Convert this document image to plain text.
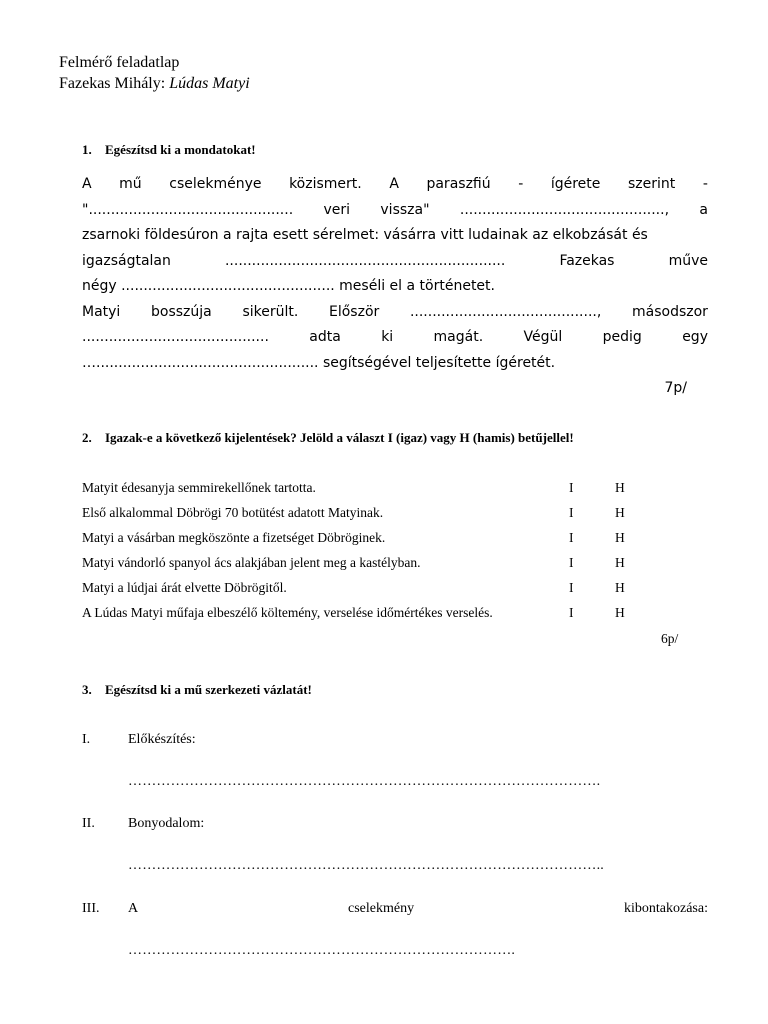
Felmérő feladatlap
Fazekas Mihály: Lúdas Matyi
1. Egészítsd ki a mondatokat!
A mű cselekménye közismert. A paraszfiú - ígérete szerint -
".............................................. veri vissza" .............................................., a
zsarnoki földesúron a rajta esett sérelmet: vásárra vitt ludainak az elkobzását és
igazságtalan	...............................................................	Fazekas	műve
négy ................................................ meséli el a történetet.
Matyi bosszúja sikerült. Először .........................................., másodszor
..........................................	adta	ki	magát.	Végül	pedig	egy
….................................................. segítségével teljesítette ígéretét.
7p/
2. Igazak-e a következő kijelentések? Jelöld a választ I (igaz) vagy H (hamis) betűjellel!
Matyit édesanyja semmirekellőnek tartotta.	I	H
Első alkalommal Döbrögi 70 botütést adatott Matyinak.	I	H
Matyi a vásárban megköszönte a fizetséget Döbröginek.	I	H
Matyi vándorló spanyol ács alakjában jelent meg a kastélyban.	I	H
Matyi a lúdjai árát elvette Döbrögitől.	I	H
A Lúdas Matyi műfaja elbeszélő költemény, verselése időmértékes verselés.	I	H
6p/
3. Egészítsd ki a mű szerkezeti vázlatát!
I.	Előkészítés:
……………………………………………………………………………………….
II. Bonyodalom:
………………………………………………………………………………………..
III. A	cselekmény	kibontakozása:
……………………………………………………………………….
